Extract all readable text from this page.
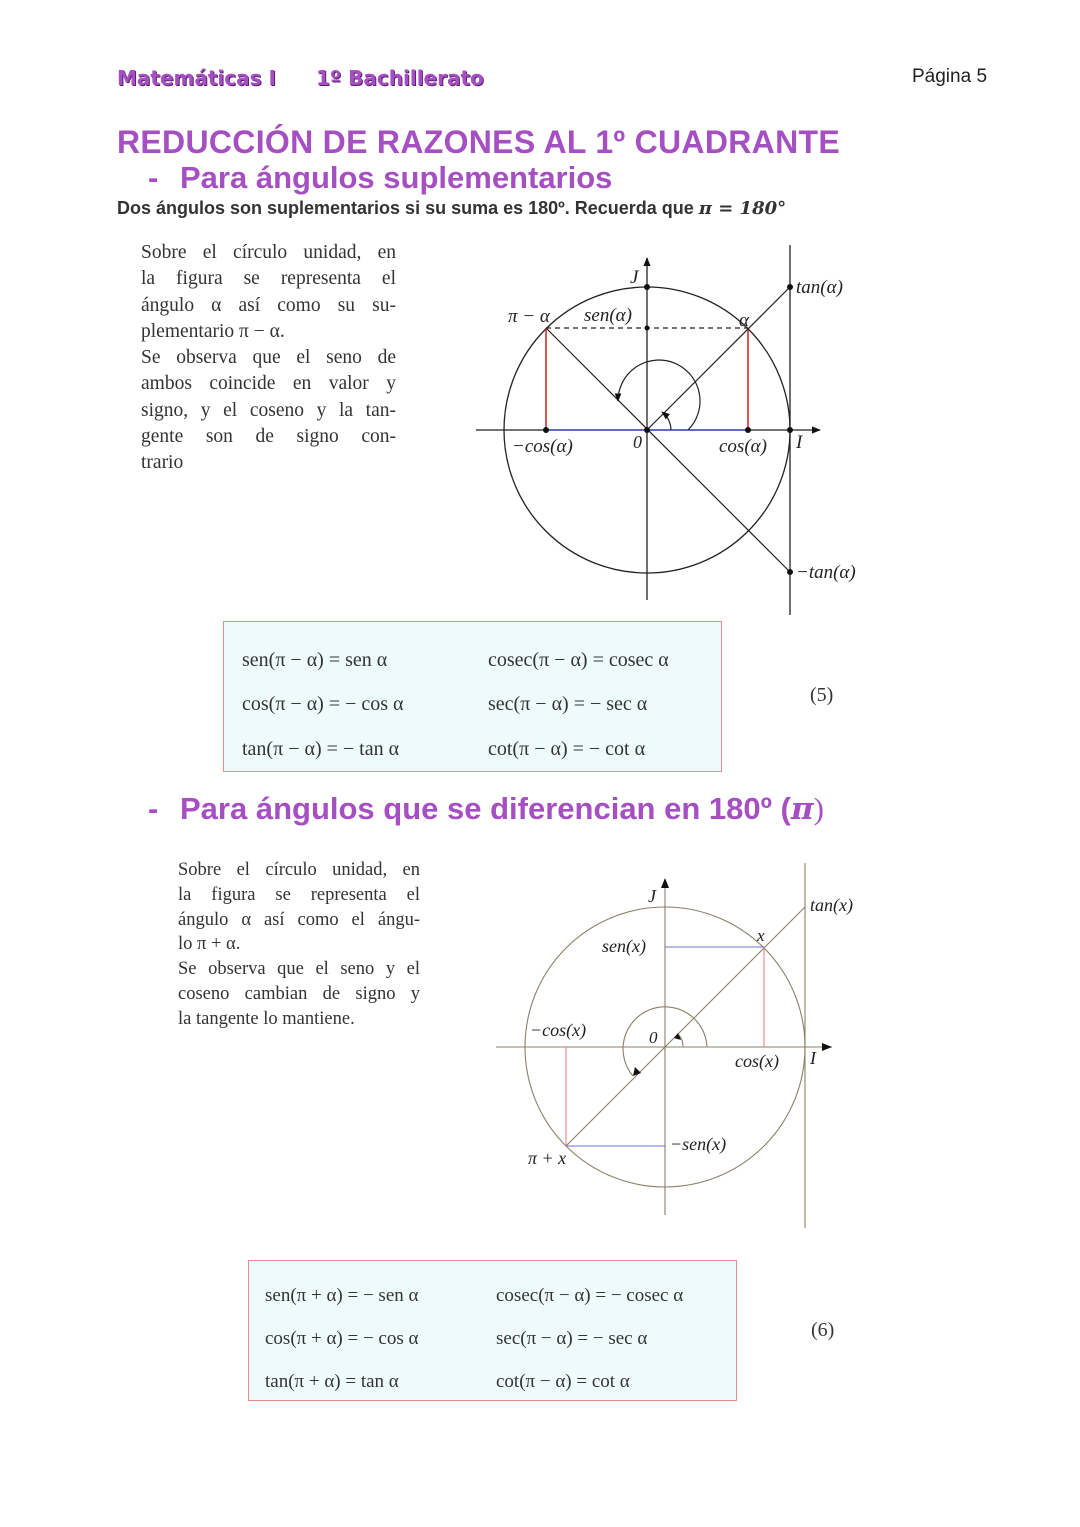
Matemáticas I 1º Bachillerato	Página 5
REDUCCIÓN DE RAZONES AL 1º CUADRANTE
- Para ángulos suplementarios
Dos ángulos son suplementarios si su suma es 180º. Recuerda que π = 180°
Sobre el círculo unidad, en
la figura se representa el
ángulo α así como su su-
plementario π − α.
Se observa que el seno de
ambos coincide en valor y
signo, y el coseno y la tan-
gente son de signo con-
trario
J
π − α sen(α)	α
tan(α)
−cos(α)	0	cos(α) I
−tan(α)
sen(π − α) = sen α	cosec(π − α) = cosec α
cos(π − α) = − cos α	sec(π − α) = − sec α
tan(π − α) = − tan α	cot(π − α) = − cot α
(5)
- Para ángulos que se diferencian en 180º (π)
Sobre el círculo unidad, en
la figura se representa el
ángulo α así como el ángu-
lo π + α.
Se observa que el seno y el
coseno cambian de signo y
la tangente lo mantiene.
J	tan(x)
x
sen(x)
−cos(x)	0
cos(x) I
−sen(x)
π + x
sen(π + α) = − sen α	cosec(π − α) = − cosec α
cos(π + α) = − cos α	sec(π − α) = − sec α
tan(π + α) = tan α	cot(π − α) = cot α
(6)
